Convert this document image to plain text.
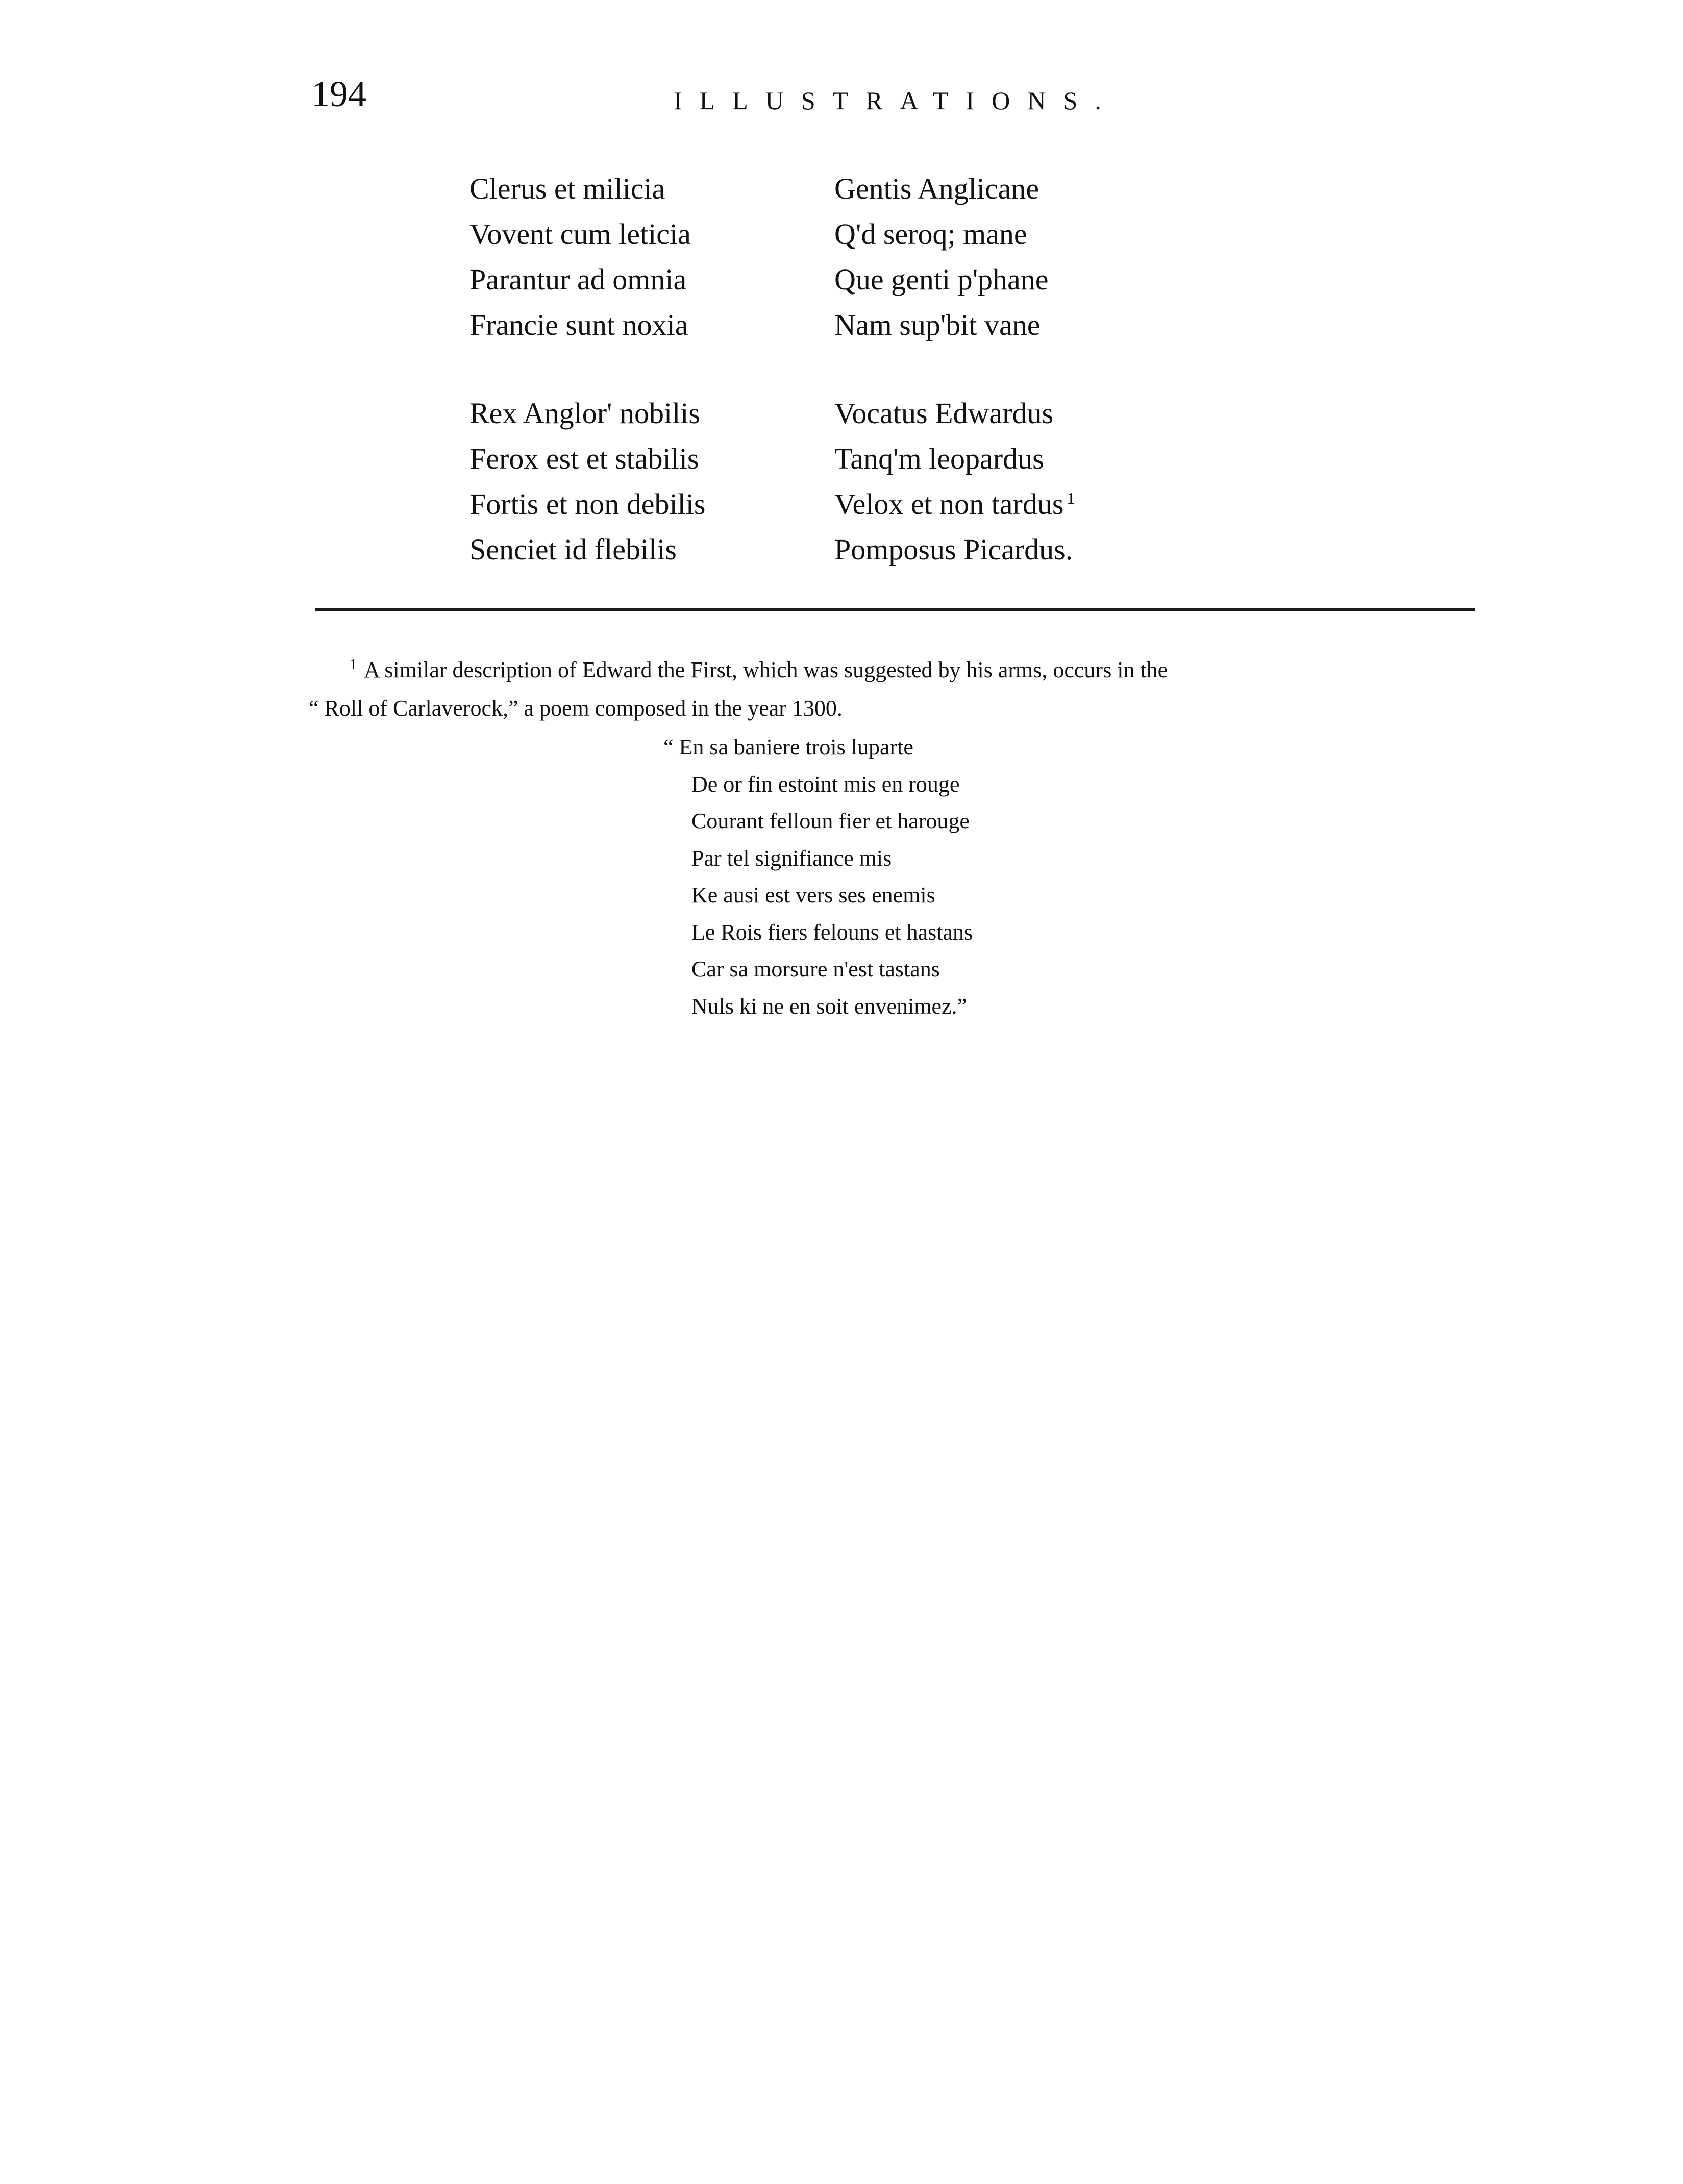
194	ILLUSTRATIONS.
Clerus et milicia	Gentis Anglicane
Vovent cum leticia	Q'd seroq; mane
Parantur ad omnia	Que genti p'phane
Francie sunt noxia	Nam sup'bit vane
Rex Anglor' nobilis	Vocatus Edwardus
Ferox est et stabilis	Tanq'm leopardus
Fortis et non debilis	Velox et non tardus $^1$
Senciet id flebilis	Pomposus Picardus.
$^1$ A similar description of Edward the First, which was suggested by his arms, occurs in the
“ Roll of Carlaverock,” a poem composed in the year 1300.
“ En sa baniere trois luparte
De or fin estoint mis en rouge
Courant felloun fier et harouge
Par tel signifiance mis
Ke ausi est vers ses enemis
Le Rois fiers felouns et hastans
Car sa morsure n'est tastans
Nuls ki ne en soit envenimez.”
